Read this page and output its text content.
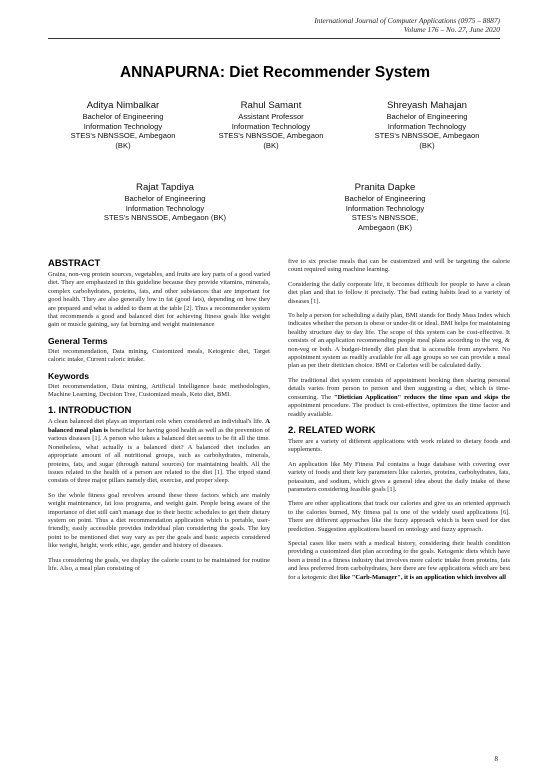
International Journal of Computer Applications (0975 – 8887)
Volume 176 – No. 27, June 2020
ANNAPURNA: Diet Recommender System
Aditya Nimbalkar
Bachelor of Engineering
Information Technology
STES's NBNSSOE, Ambegaon
(BK)
Rahul Samant
Assistant Professor
Information Technology
STES's NBNSSOE, Ambegaon
(BK)
Shreyash Mahajan
Bachelor of Engineering
Information Technology
STES's NBNSSOE, Ambegaon
(BK)
Rajat Tapdiya
Bachelor of Engineering
Information Technology
STES's NBNSSOE, Ambegaon (BK)
Pranita Dapke
Bachelor of Engineering
Information Technology
STES's NBNSSOE,
Ambegaon (BK)
ABSTRACT

Grains, non-veg protein sources, vegetables, and fruits are key parts of a good varied diet. They are emphasized in this guideline because they provide vitamins, minerals, complex carbohydrates, proteins, fats, and other substances that are important for good health. They are also generally low in fat (good fats), depending on how they are prepared and what is added to them at the table [2]. Thus a recommender system that recommends a good and balanced diet for achieving fitness goals like weight gain or muscle gaining, say fat burning and weight maintenance

General Terms

Diet recommendation, Data mining, Customized meals, Ketogenic diet, Target caloric intake, Current caloric intake.

Keywords

Diet recommendation, Data mining, Artificial Intelligence basic methodologies, Machine Learning, Decision Tree, Customized meals, Keto diet, BMI.

1. INTRODUCTION

A clean balanced diet plays an important role when considered an individual's life. A balanced meal plan is beneficial for having good health as well as the prevention of various diseases [1]. A person who takes a balanced diet seems to be fit all the time. Nonetheless, what actually is a balanced diet? A balanced diet includes an appropriate amount of all nutritional groups, such as carbohydrates, minerals, proteins, fats, and sugar (through natural sources) for maintaining health. All the issues related to the health of a person are related to the diet [1]. The tripod stand consists of three major pillars namely diet, exercise, and proper sleep.

So the whole fitness goal revolves around these three factors which are mainly weight maintenance, fat loss programs, and weight gain. People being aware of the importance of diet still can't manage due to their hectic schedules to get their dietary system on point. Thus a diet recommendation application which is portable, user-friendly, easily accessible provides individual plan considering the goals. The key point to be mentioned diet way vary as per the goals and basic aspects considered like weight, height, work ethic, age, gender and history of diseases.

Thus considering the goals, we display the calorie count to be maintained for routine life. Also, a meal plan consisting of

five to six precise meals that can be customized and will be targeting the calorie count required using machine learning.

Considering the daily corporate life, it becomes difficult for people to have a clean diet plan and that to follow it precisely. The bad eating habits lead to a variety of diseases [1].

To help a person for scheduling a daily plan, BMI stands for Body Mass Index which indicates whether the person is obese or under-fit or ideal. BMI helps for maintaining healthy structure day to day life. The scope of this system can be cost-effective. It consists of an application recommending people meal plans according to the veg, & non-veg or both. A budget-friendly diet plan that is accessible from anywhere. No appointment system as readily available for all age groups so we can provide a meal plan as per their dietician choice. BMI or Calories will be calculated daily.

The traditional diet system consists of appointment booking then sharing personal details varies from person to person and then suggesting a diet, which is time-consuming. The "Dietician Application" reduces the time span and skips the appointment procedure. The product is cost-effective, optimizes the time factor and readily available.

2. RELATED WORK

There are a variety of different applications with work related to dietary foods and supplements.

An application like My Fitness Pal contains a huge database with covering over variety of foods and their key parameters like calories, proteins, carbohydrates, fats, potassium, and sodium, which gives a general idea about the daily intake of these parameters considering feasible goals [1].

There are other applications that track our calories and give us an oriented approach to the calories burned, My fitness pal is one of the widely used applications [6]. There are different approaches like the fuzzy approach which is been used for diet prediction. Suggestion applications based on ontology and fuzzy approach.

Special cases like users with a medical history, considering their health condition providing a customized diet plan according to the goals. Ketogenic diets which have been a trend in a fitness industry that involves more caloric intake from proteins, fats and less preferred from carbohydrates, here there are few applications which are best for a ketogenic diet like "Carb-Manager", it is an application which involves all

8
